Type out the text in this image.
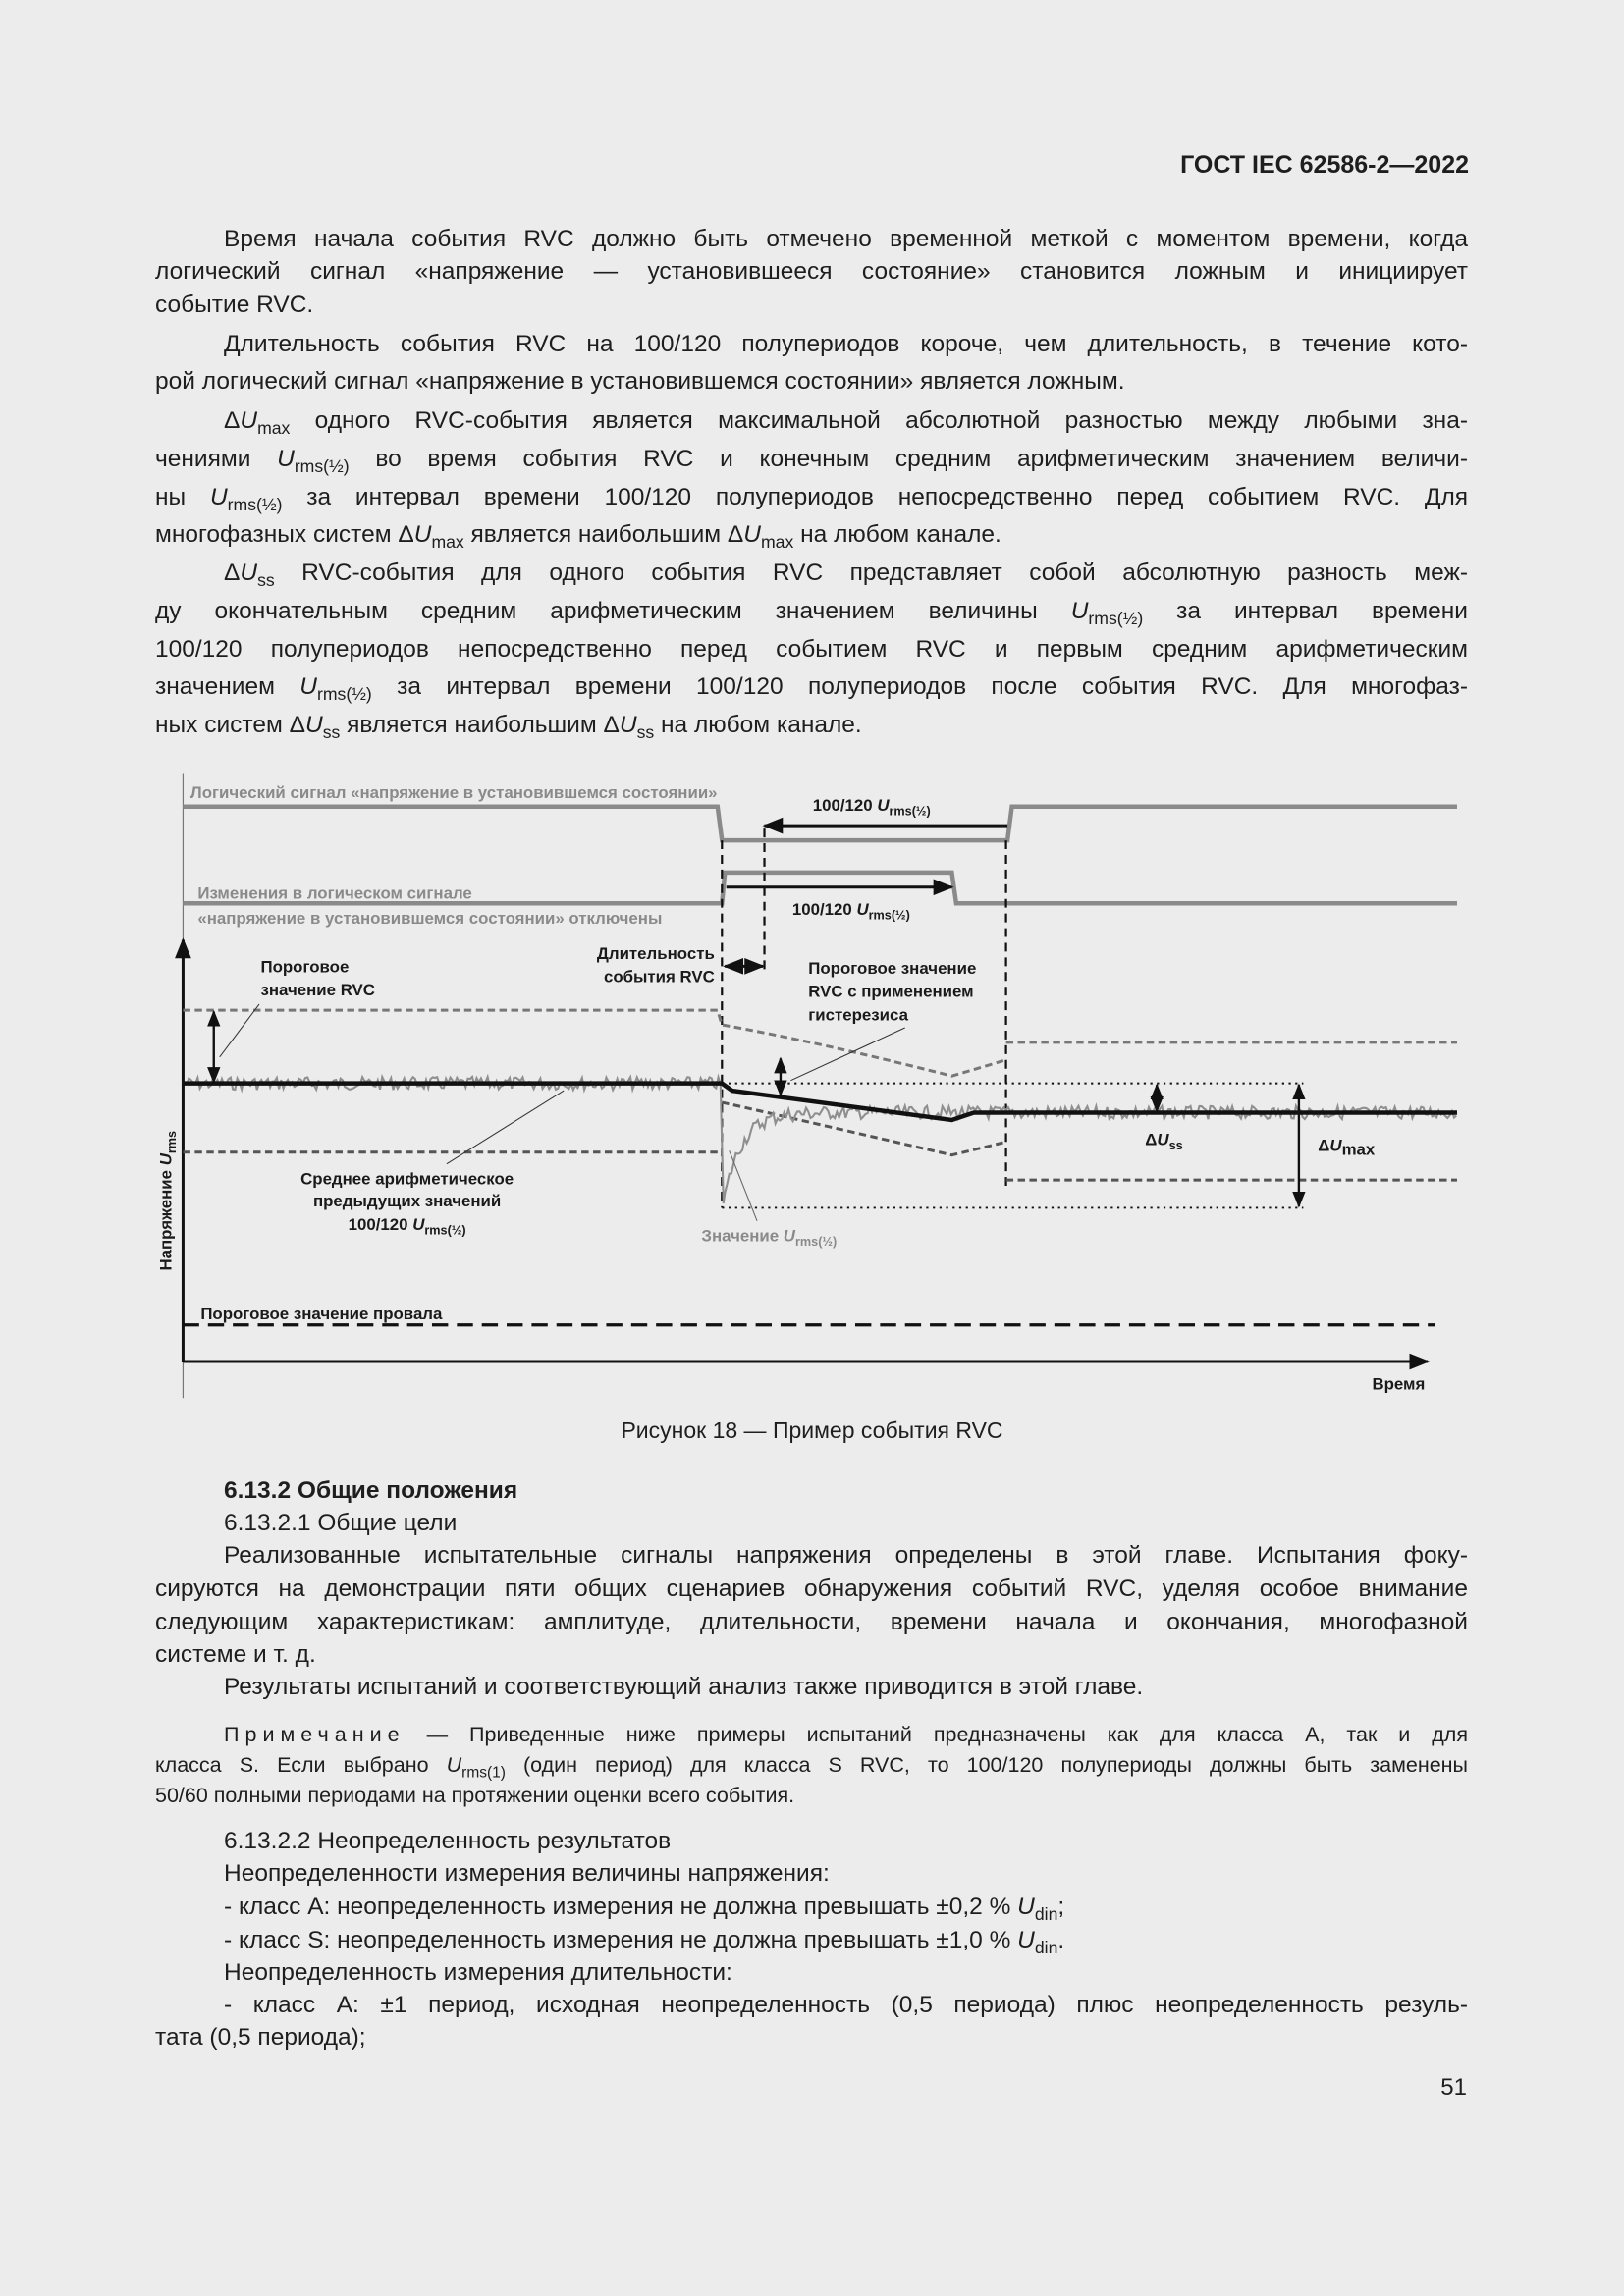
ГОСТ IEC 62586-2—2022
Время начала события RVC должно быть отмечено временной меткой с моментом времени, когда
логический сигнал «напряжение — установившееся состояние» становится ложным и инициирует
событие RVC.
Длительность события RVC на 100/120 полупериодов короче, чем длительность, в течение кото-
рой логический сигнал «напряжение в установившемся состоянии» является ложным.
$\Delta U_{max}$ одного RVC-события является максимальной абсолютной разностью между любыми зна-
чениями $U_{rms(\frac{1}{2})}$ во время события RVC и конечным средним арифметическим значением величи-
ны $U_{rms(\frac{1}{2})}$ за интервал времени 100/120 полупериодов непосредственно перед событием RVC. Для
многофазных систем $\Delta U_{max}$ является наибольшим $\Delta U_{max}$ на любом канале.
$\Delta U_{ss}$ RVC-события для одного события RVC представляет собой абсолютную разность меж-
ду окончательным средним арифметическим значением величины $U_{rms(\frac{1}{2})}$ за интервал времени
100/120 полупериодов непосредственно перед событием RVC и первым средним арифметическим
значением $U_{rms(\frac{1}{2})}$ за интервал времени 100/120 полупериодов после события RVC. Для многофаз-
ных систем $\Delta U_{ss}$ является наибольшим $\Delta U_{ss}$ на любом канале.
Логический сигнал «напряжение в установившемся состоянии»
Изменения в логическом сигнале
«напряжение в установившемся состоянии» отключены
100/120 $U_{rms(\frac{1}{2})}$
100/120 $U_{rms(\frac{1}{2})}$
Длительность
события RVC
$\Delta U_{ss}$	ΔUmax
Пороговое
значение RVC
Пороговое значение
RVC с применением
гистерезиса
Среднее арифметическое
предыдущих значений
100/120 $U_{rms(\frac{1}{2})}$	Значение $U_{rms(\frac{1}{2})}$
Напряжение $U_{rms}$
Пороговое значение провала
Время
Рисунок 18 — Пример события RVC
6.13.2 Общие положения
6.13.2.1 Общие цели
Реализованные испытательные сигналы напряжения определены в этой главе. Испытания фоку-
сируются на демонстрации пяти общих сценариев обнаружения событий RVC, уделяя особое внимание
следующим характеристикам: амплитуде, длительности, времени начала и окончания, многофазной
системе и т. д.
Результаты испытаний и соответствующий анализ также приводится в этой главе.
Примечание — Приведенные ниже примеры испытаний предназначены как для класса А, так и для
класса S. Если выбрано $U_{rms(1)}$ (один период) для класса S RVC, то 100/120 полупериоды должны быть заменены
50/60 полными периодами на протяжении оценки всего события.
6.13.2.2 Неопределенность результатов
Неопределенности измерения величины напряжения:
- класс А: неопределенность измерения не должна превышать ±0,2 % $U_{din}$;
- класс S: неопределенность измерения не должна превышать ±1,0 % $U_{din}$.
Неопределенность измерения длительности:
- класс А: ±1 период, исходная неопределенность (0,5 периода) плюс неопределенность резуль-
тата (0,5 периода);
51
